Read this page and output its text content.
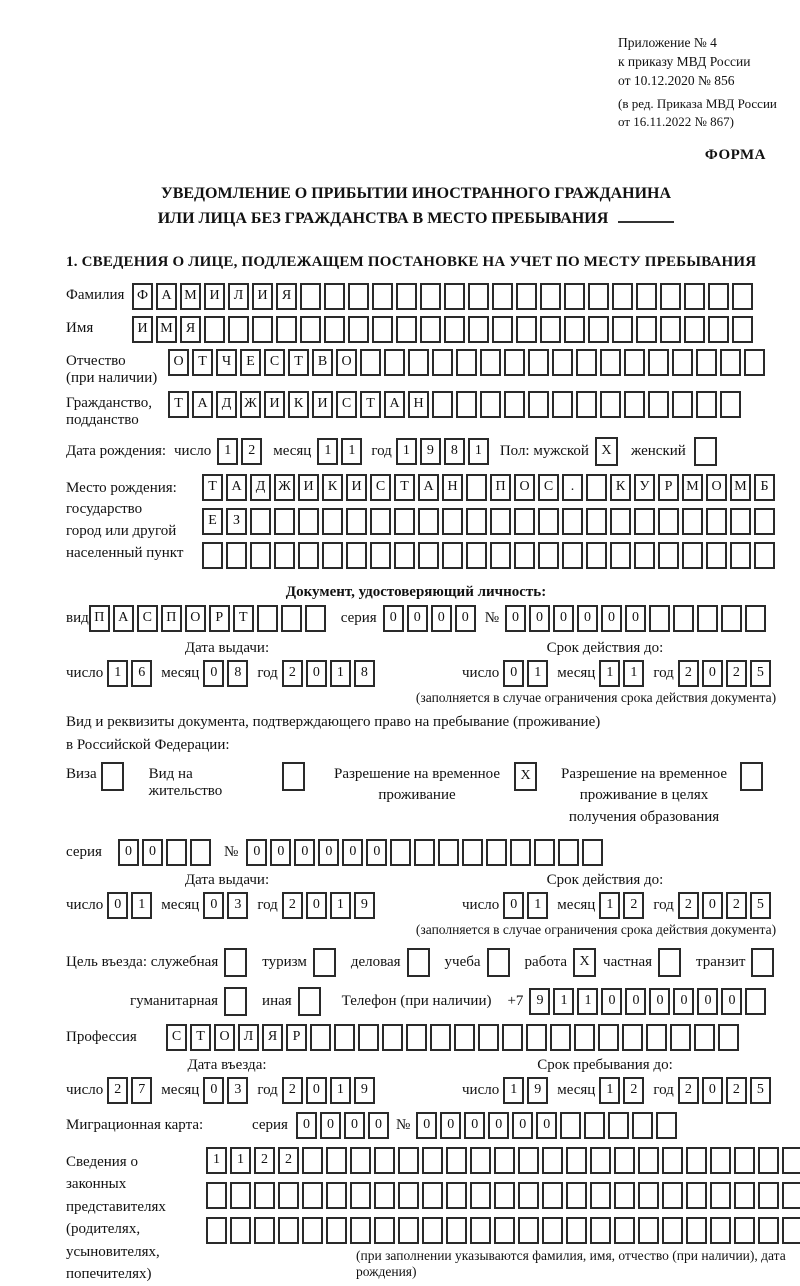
Приложение № 4
к приказу МВД России
от 10.12.2020 № 856
(в ред. Приказа МВД России
от 16.11.2022 № 867)
ФОРМА
УВЕДОМЛЕНИЕ О ПРИБЫТИИ ИНОСТРАННОГО ГРАЖДАНИНА
ИЛИ ЛИЦА БЕЗ ГРАЖДАНСТВА В МЕСТО ПРЕБЫВАНИЯ
1. СВЕДЕНИЯ О ЛИЦЕ, ПОДЛЕЖАЩЕМ ПОСТАНОВКЕ НА УЧЕТ ПО МЕСТУ ПРЕБЫВАНИЯ
Фамилия Ф А М И	Л	И	Я
Имя	И М Я
Отчество
(при наличии)
О	Т	Ч	Е	С	Т	В	О
Гражданство,
подданство
Т	А	Д Ж И	К	И	С	Т	А Н
Дата рождения: число 1	2	месяц 1	1	год 1	9	8	1	Пол: мужской X	женский
Место рождения:
государство
город или другой
населенный пункт
Т	А	Д Ж И	К	И	С	Т	А Н	П О	С	.	К	У	Р М О М Б
Е	З
Документ, удостоверяющий личность:
вид П А	С	П О	Р	Т	серия 0	0	0	0	№ 0	0	0	0	0	0
Дата выдачи:	Срок действия до:
число 1	6	месяц 0	8	год 2	0	1	8	число 0	1	месяц 1	1	год 2	0	2	5
(заполняется в случае ограничения срока действия документа)
Вид и реквизиты документа, подтверждающего право на пребывание (проживание)
в Российской Федерации:
Виза	Вид на жительство
Разрешение на временное
проживание
X	Разрешение на временное
проживание в целях
получения образования
серия	0	0	№	0	0	0	0	0	0
Дата выдачи:	Срок действия до:
число 0	1	месяц 0	3	год 2	0	1	9	число 0	1	месяц 1	2	год 2	0	2	5
(заполняется в случае ограничения срока действия документа)
Цель въезда: служебная	туризм	деловая	учеба	работа X частная	транзит
гуманитарная	иная	Телефон (при наличии) +7 9	1	1	0	0	0	0	0	0
Профессия	С	Т	О	Л	Я	Р
Дата въезда:	Срок пребывания до:
число 2	7	месяц 0	3	год 2	0	1	9	число 1	9	месяц 1	2	год 2	0	2	5
Миграционная карта:	серия	0	0	0	0 № 0	0	0	0	0	0
Сведения о
законных
представителях
(родителях,
усыновителях,
попечителях)
1	1	2	2
(при заполнении указываются фамилия, имя, отчество (при наличии), дата рождения)
